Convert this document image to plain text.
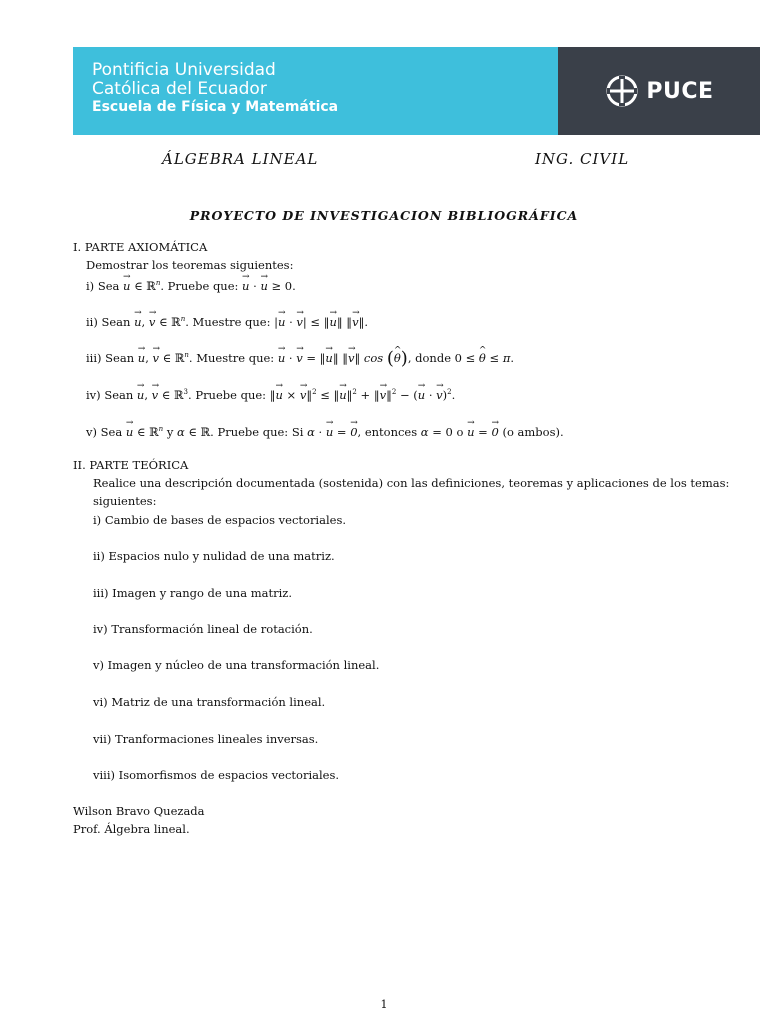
Pontificia Universidad
Católica del Ecuador
Escuela de Física y Matemática
PUCE
ÁLGEBRA LINEAL	ING. CIVIL
PROYECTO DE INVESTIGACION BIBLIOGRÁFICA
I. PARTE AXIOMÁTICA
Demostrar los teoremas siguientes:
i) Sea → u ∈ ℝ$^n$. Pruebe que: → u · → u ≥ 0.
ii) Sean → u, → v ∈ ℝ$^n$. Muestre que: |→ u · → v| ≤ ‖→ u‖ ‖→ v‖.
iii) Sean → u, → v ∈ ℝ$^n$. Muestre que: → u · → v = ‖→ u‖ ‖→ v‖ cos (^ θ), donde 0 ≤ ^ θ ≤ π.
iv) Sean → u, → v ∈ ℝ$^3$. Pruebe que: ‖→ u × → v‖$^2$ ≤ ‖→ u‖$^2$ + ‖→ v‖$^2$ − (→ u · → v)$^2$.
v) Sea → u ∈ ℝ$^n$ y α ∈ ℝ. Pruebe que: Si α · → u = → 0, entonces α = 0 o → u = → 0 (o ambos).
II. PARTE TEÓRICA
Realice una descripción documentada (sostenida) con las definiciones, teoremas y aplicaciones de los temas:
siguientes:
i) Cambio de bases de espacios vectoriales.
ii) Espacios nulo y nulidad de una matriz.
iii) Imagen y rango de una matriz.
iv) Transformación lineal de rotación.
v) Imagen y núcleo de una transformación lineal.
vi) Matriz de una transformación lineal.
vii) Tranformaciones lineales inversas.
viii) Isomorfismos de espacios vectoriales.
Wilson Bravo Quezada
Prof. Álgebra lineal.
1
